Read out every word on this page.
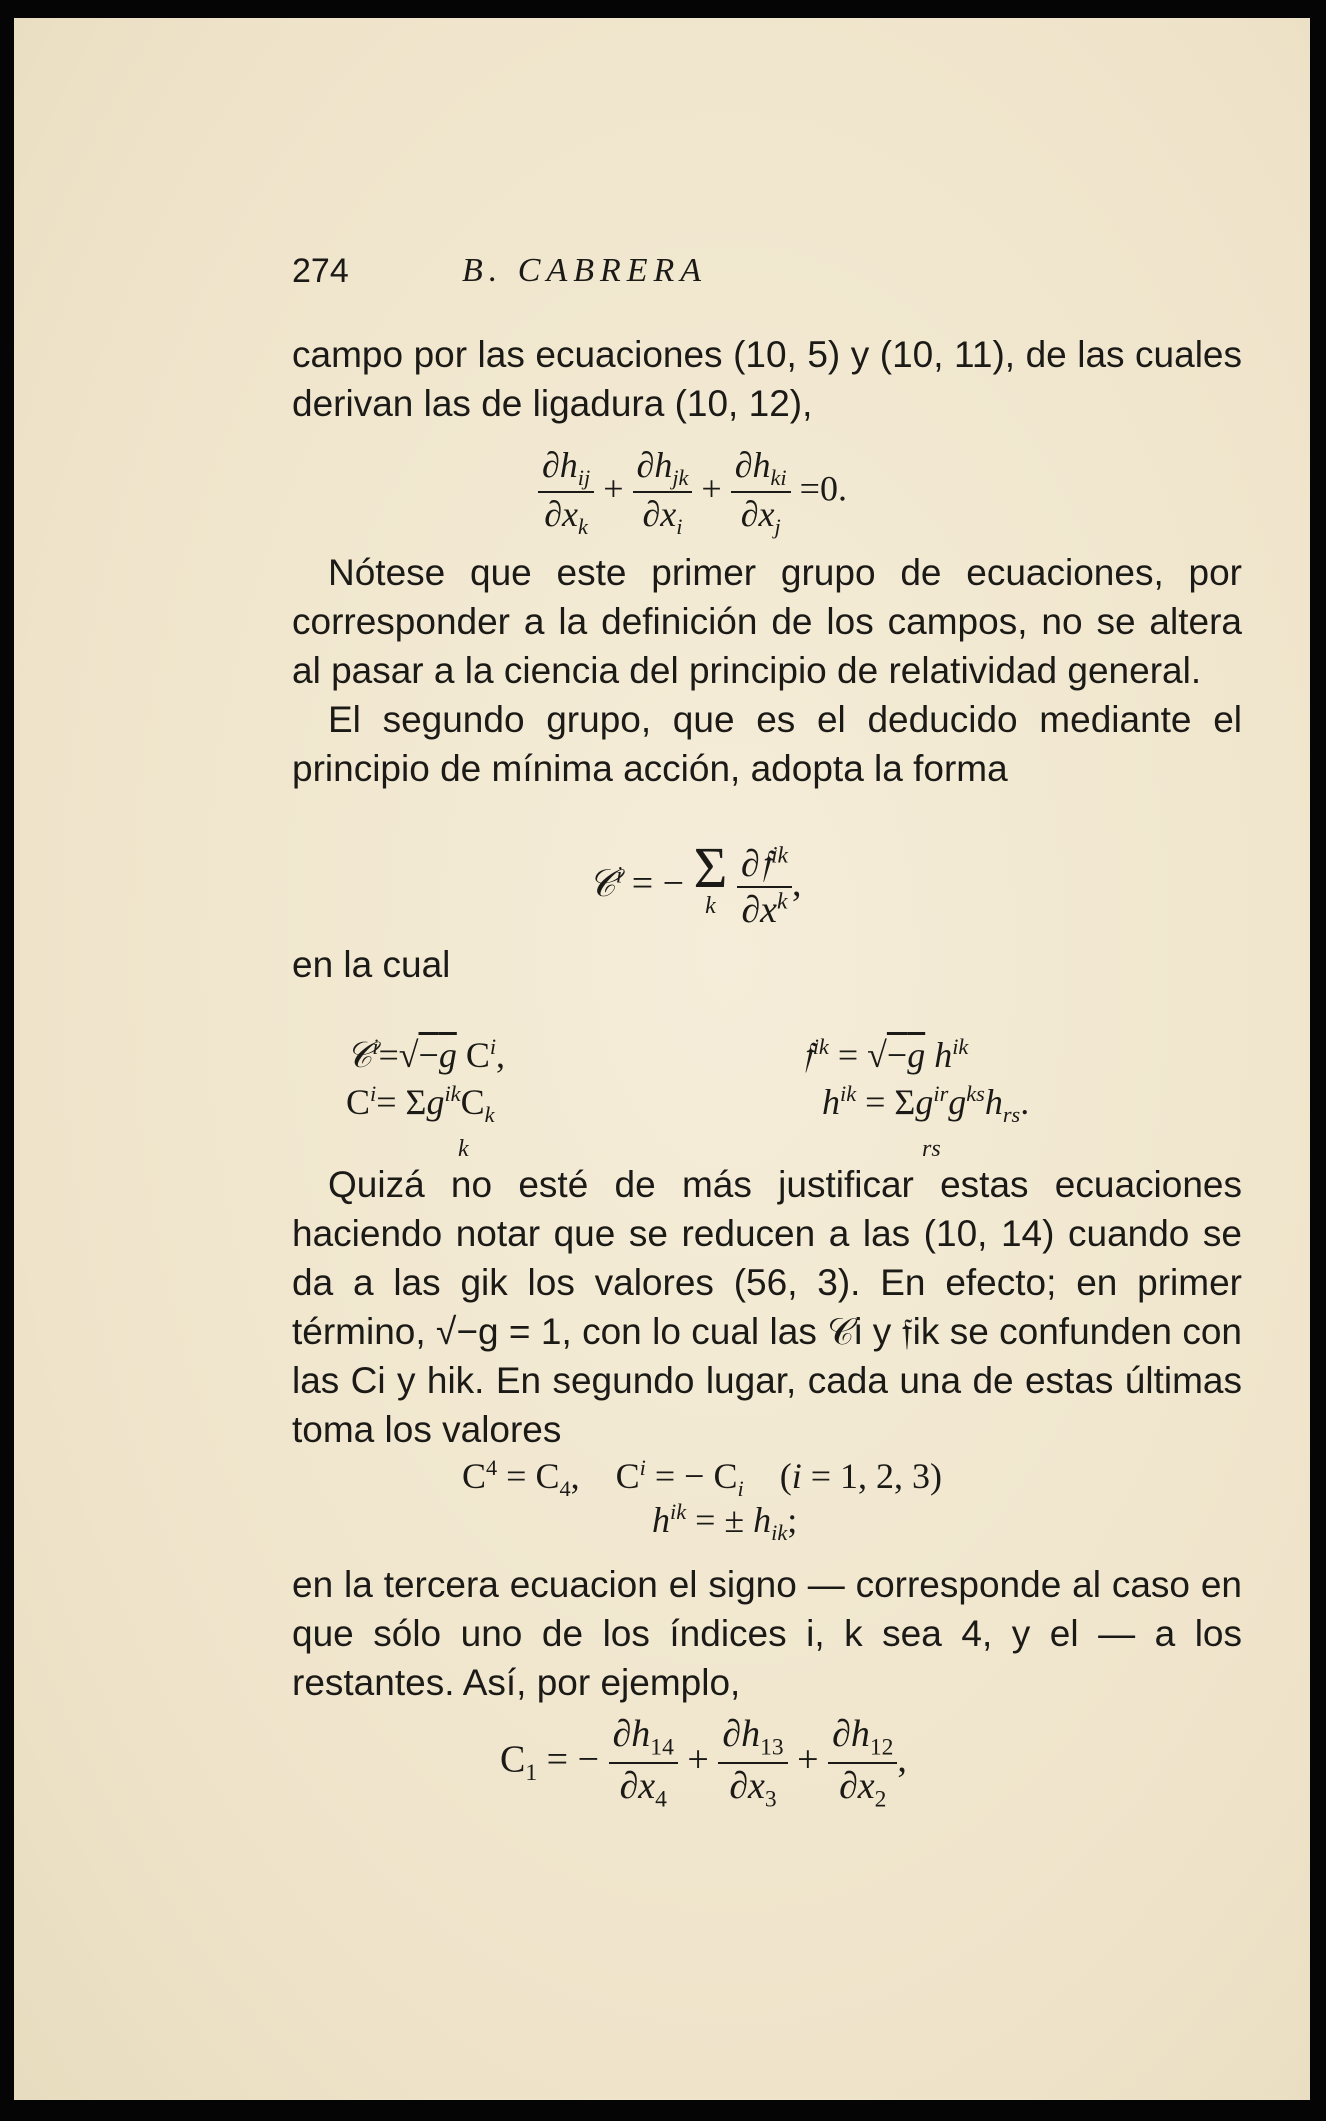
274	B. CABRERA

campo por las ecuaciones (10, 5) y (10, 11), de las cuales derivan las de ligadura (10, 12),

$\frac{\partial h_{ij}}{\partial x_k} + \frac{\partial h_{jk}}{\partial x_i} + \frac{\partial h_{ki}}{\partial x_j} =0$.

Nótese que este primer grupo de ecuaciones, por corresponder a la definición de los campos, no se altera al pasar a la ciencia del principio de relatividad general.

El segundo grupo, que es el deducido mediante el principio de mínima acción, adopta la forma

𝒞$^i$ = − Σ
k
$\frac{\partial 𝔣^{ik}}{\partial x^k}$ ,

en la cual

𝒞$^i$=√−g $C^i$,	𝔣$^{ik}$ = √−g $h^{ik}$
$C^i= \Sigma g^{ik}C_k$
k
$h^{ik} = \Sigma g^{ir}g^{ks}h_{rs}$.
rs

Quizá no esté de más justificar estas ecuaciones haciendo notar que se reducen a las (10, 14) cuando se da a las gik los valores (56, 3). En efecto; en primer término, √−g = 1, con lo cual las 𝒞i y 𝔣ik se confunden con las Ci y hik. En segundo lugar, cada una de estas últimas toma los valores

$C^4 = C_4$,    $C^i$ = − $C_i$    (i = 1, 2, 3)
$h^{ik}$ = ± $h_{ik}$;

en la tercera ecuacion el signo — corresponde al caso en que sólo uno de los índices i, k sea 4, y el — a los restantes. Así, por ejemplo,

$C_1$ = − $\frac{\partial h_{14}}{\partial x_4} + \frac{\partial h_{13}}{\partial x_3} + \frac{\partial h_{12}}{\partial x_2}$ ,
